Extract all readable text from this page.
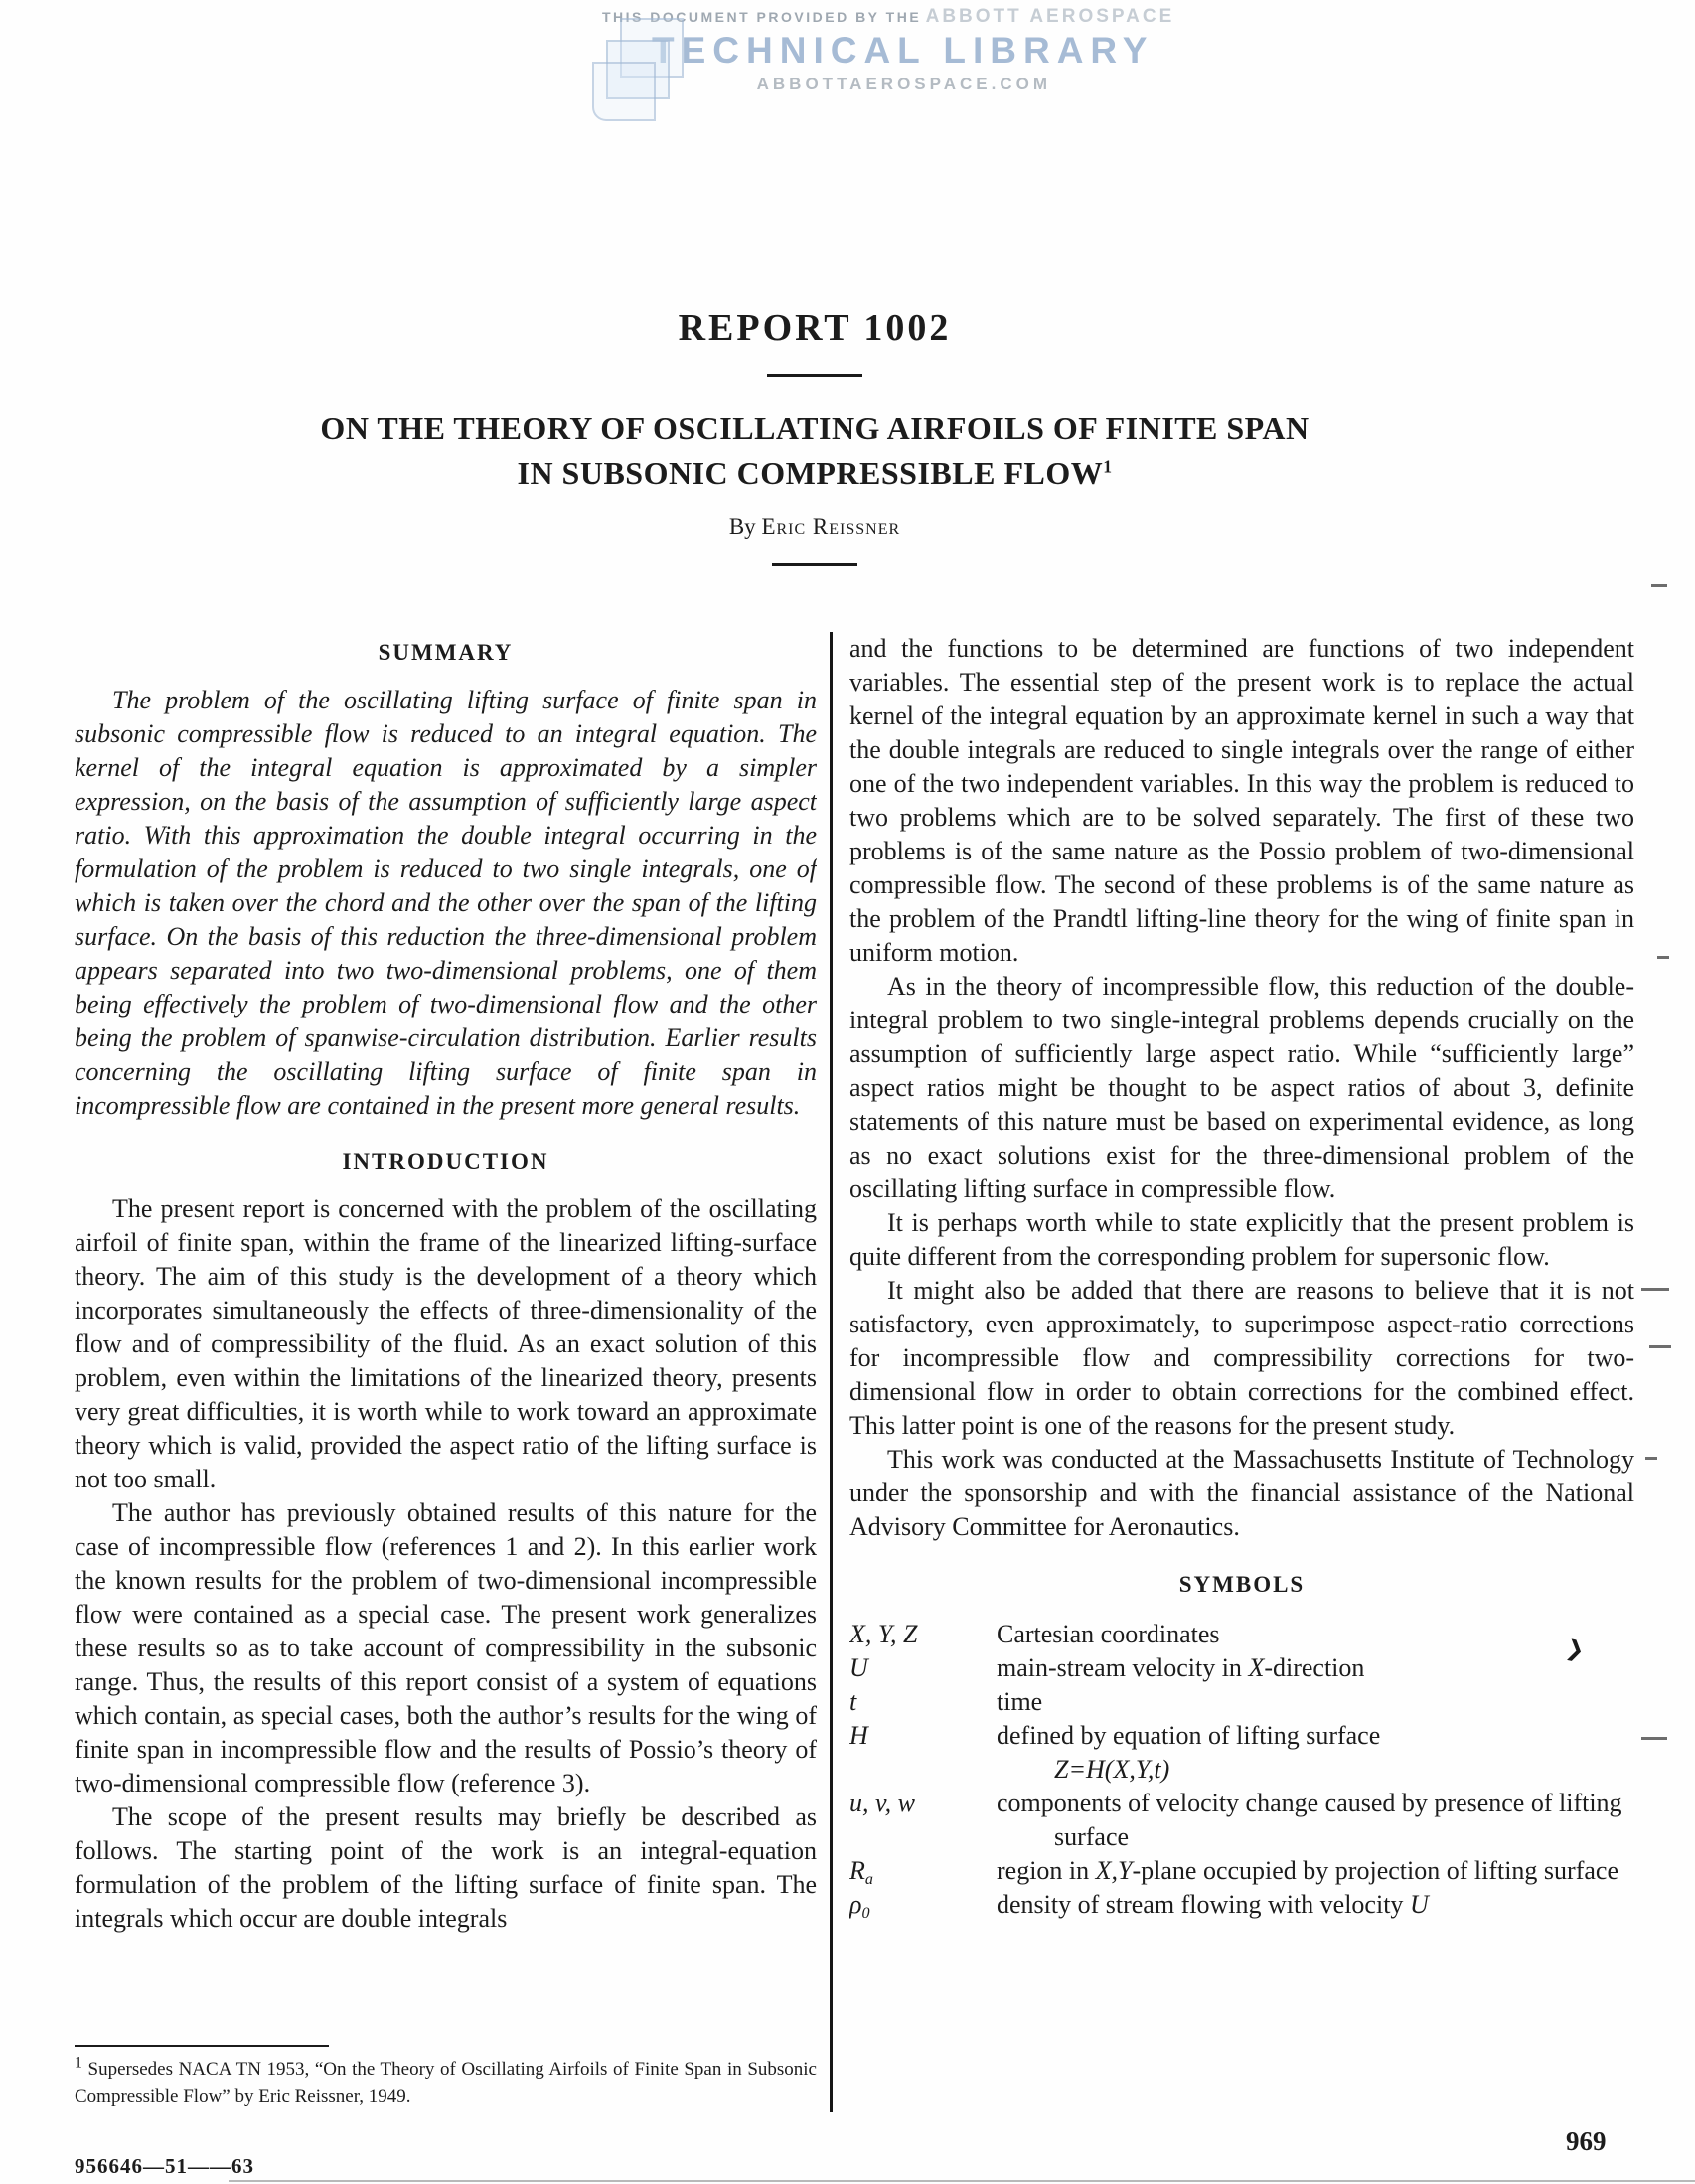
THIS DOCUMENT PROVIDED BY THE ABBOTT AEROSPACE
TECHNICAL LIBRARY
ABBOTTAEROSPACE.COM
REPORT 1002
ON THE THEORY OF OSCILLATING AIRFOILS OF FINITE SPAN
IN SUBSONIC COMPRESSIBLE FLOW$^1$
By Eric Reissner
SUMMARY

The problem of the oscillating lifting surface of finite span in subsonic compressible flow is reduced to an integral equation. The kernel of the integral equation is approximated by a simpler expression, on the basis of the assumption of sufficiently large aspect ratio. With this approximation the double integral occurring in the formulation of the problem is reduced to two single integrals, one of which is taken over the chord and the other over the span of the lifting surface. On the basis of this reduction the three-dimensional problem appears separated into two two-dimensional problems, one of them being effectively the problem of two-dimensional flow and the other being the problem of spanwise-circulation distribution. Earlier results concerning the oscillating lifting surface of finite span in incompressible flow are contained in the present more general results.

INTRODUCTION

The present report is concerned with the problem of the oscillating airfoil of finite span, within the frame of the linearized lifting-surface theory. The aim of this study is the development of a theory which incorporates simultaneously the effects of three-dimensionality of the flow and of compressibility of the fluid. As an exact solution of this problem, even within the limitations of the linearized theory, presents very great difficulties, it is worth while to work toward an approximate theory which is valid, provided the aspect ratio of the lifting surface is not too small.

The author has previously obtained results of this nature for the case of incompressible flow (references 1 and 2). In this earlier work the known results for the problem of two-dimensional incompressible flow were contained as a special case. The present work generalizes these results so as to take account of compressibility in the subsonic range. Thus, the results of this report consist of a system of equations which contain, as special cases, both the author’s results for the wing of finite span in incompressible flow and the results of Possio’s theory of two-dimensional compressible flow (reference 3).

The scope of the present results may briefly be described as follows. The starting point of the work is an integral-equation formulation of the problem of the lifting surface of finite span. The integrals which occur are double integrals

and the functions to be determined are functions of two independent variables. The essential step of the present work is to replace the actual kernel of the integral equation by an approximate kernel in such a way that the double integrals are reduced to single integrals over the range of either one of the two independent variables. In this way the problem is reduced to two problems which are to be solved separately. The first of these two problems is of the same nature as the Possio problem of two-dimensional compressible flow. The second of these problems is of the same nature as the problem of the Prandtl lifting-line theory for the wing of finite span in uniform motion.

As in the theory of incompressible flow, this reduction of the double-integral problem to two single-integral problems depends crucially on the assumption of sufficiently large aspect ratio. While “sufficiently large” aspect ratios might be thought to be aspect ratios of about 3, definite statements of this nature must be based on experimental evidence, as long as no exact solutions exist for the three-dimensional problem of the oscillating lifting surface in compressible flow.

It is perhaps worth while to state explicitly that the present problem is quite different from the corresponding problem for supersonic flow.

It might also be added that there are reasons to believe that it is not satisfactory, even approximately, to superimpose aspect-ratio corrections for incompressible flow and compressibility corrections for two-dimensional flow in order to obtain corrections for the combined effect. This latter point is one of the reasons for the present study.

This work was conducted at the Massachusetts Institute of Technology under the sponsorship and with the financial assistance of the National Advisory Committee for Aeronautics.

SYMBOLS
X, Y, Z	Cartesian coordinates
U	main-stream velocity in X-direction
t	time
H	defined by equation of lifting surface
Z=H(X,Y,t)
u, v, w	components of velocity change caused by presence of lifting surface
$R_a$	region in X,Y-plane occupied by projection of lifting surface
$\rho_0$	density of stream flowing with velocity U
$^1$ Supersedes NACA TN 1953, “On the Theory of Oscillating Airfoils of Finite Span in Subsonic Compressible Flow” by Eric Reissner, 1949.
956646—51——63
969
❯
